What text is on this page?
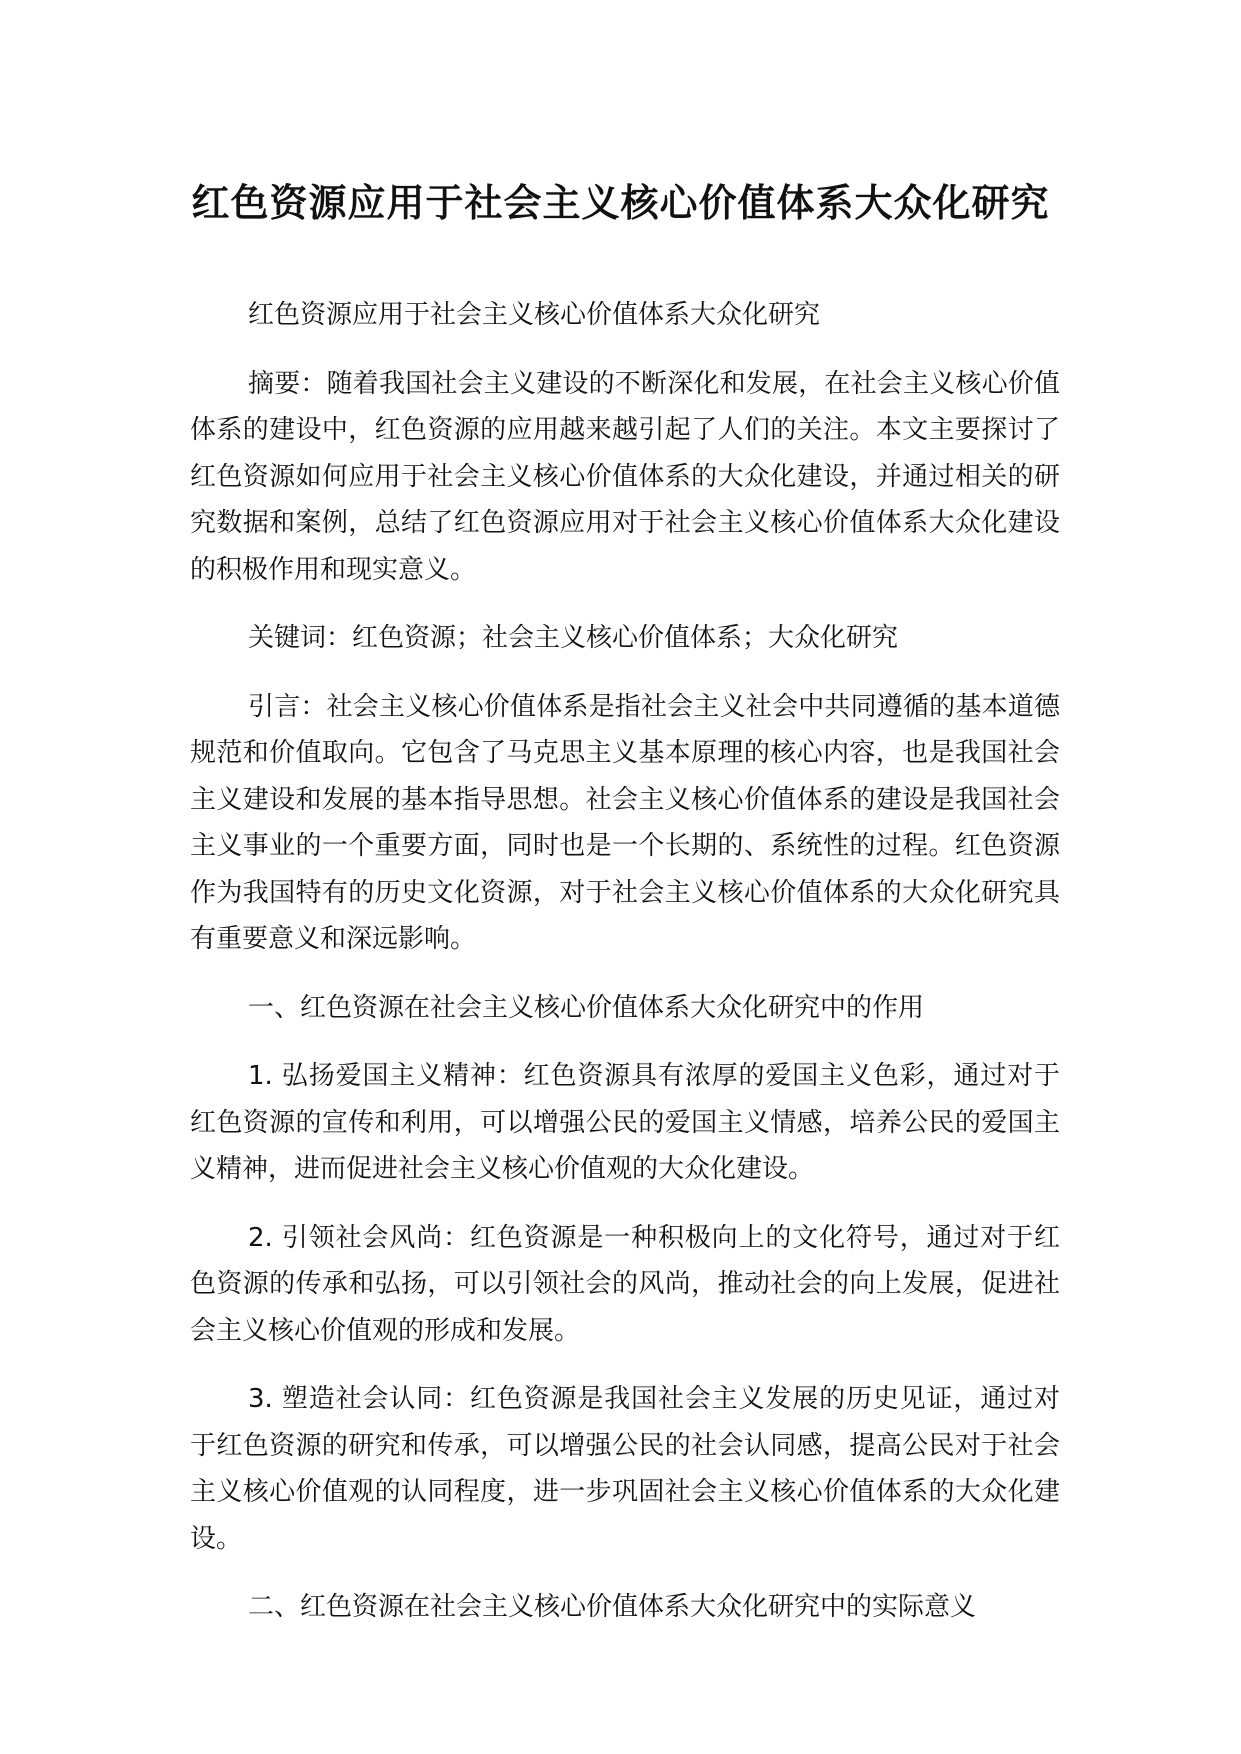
红色资源应用于社会主义核心价值体系大众化研究

红色资源应用于社会主义核心价值体系大众化研究

摘要：随着我国社会主义建设的不断深化和发展，在社会主义核心价值体系的建设中，红色资源的应用越来越引起了人们的关注。本文主要探讨了红色资源如何应用于社会主义核心价值体系的大众化建设，并通过相关的研究数据和案例，总结了红色资源应用对于社会主义核心价值体系大众化建设的积极作用和现实意义。

关键词：红色资源；社会主义核心价值体系；大众化研究

引言：社会主义核心价值体系是指社会主义社会中共同遵循的基本道德规范和价值取向。它包含了马克思主义基本原理的核心内容，也是我国社会主义建设和发展的基本指导思想。社会主义核心价值体系的建设是我国社会主义事业的一个重要方面，同时也是一个长期的、系统性的过程。红色资源作为我国特有的历史文化资源，对于社会主义核心价值体系的大众化研究具有重要意义和深远影响。

一、红色资源在社会主义核心价值体系大众化研究中的作用

1. 弘扬爱国主义精神：红色资源具有浓厚的爱国主义色彩，通过对于红色资源的宣传和利用，可以增强公民的爱国主义情感，培养公民的爱国主义精神，进而促进社会主义核心价值观的大众化建设。

2. 引领社会风尚：红色资源是一种积极向上的文化符号，通过对于红色资源的传承和弘扬，可以引领社会的风尚，推动社会的向上发展，促进社会主义核心价值观的形成和发展。

3. 塑造社会认同：红色资源是我国社会主义发展的历史见证，通过对于红色资源的研究和传承，可以增强公民的社会认同感，提高公民对于社会主义核心价值观的认同程度，进一步巩固社会主义核心价值体系的大众化建设。

二、红色资源在社会主义核心价值体系大众化研究中的实际意义
